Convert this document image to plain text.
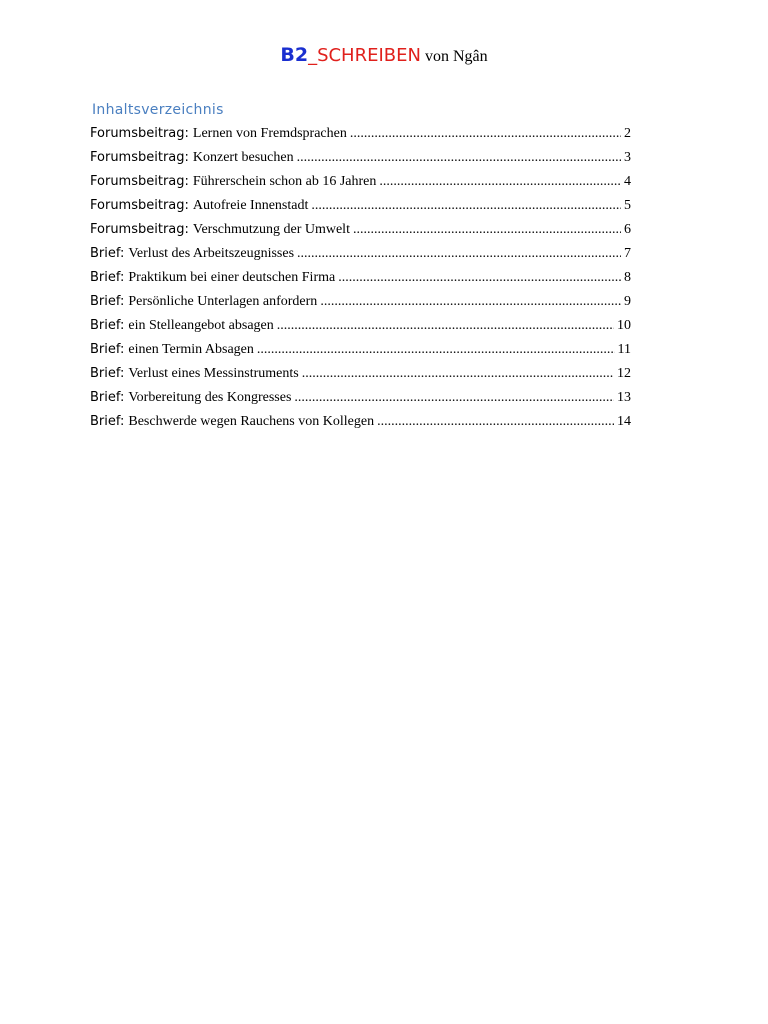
B2_SCHREIBEN von Ngân
Inhaltsverzeichnis
Forumsbeitrag: Lernen von Fremdsprachen .....	2
Forumsbeitrag: Konzert besuchen .....	3
Forumsbeitrag: Führerschein schon ab 16 Jahren .....	4
Forumsbeitrag: Autofreie Innenstadt .....	5
Forumsbeitrag: Verschmutzung der Umwelt .....	6
Brief: Verlust des Arbeitszeugnisses .....	7
Brief: Praktikum bei einer deutschen Firma .....	8
Brief: Persönliche Unterlagen anfordern .....	9
Brief: ein Stelleangebot absagen .....	10
Brief: einen Termin Absagen .....	11
Brief: Verlust eines Messinstruments .....	12
Brief: Vorbereitung des Kongresses .....	13
Brief: Beschwerde wegen Rauchens von Kollegen .....	14
